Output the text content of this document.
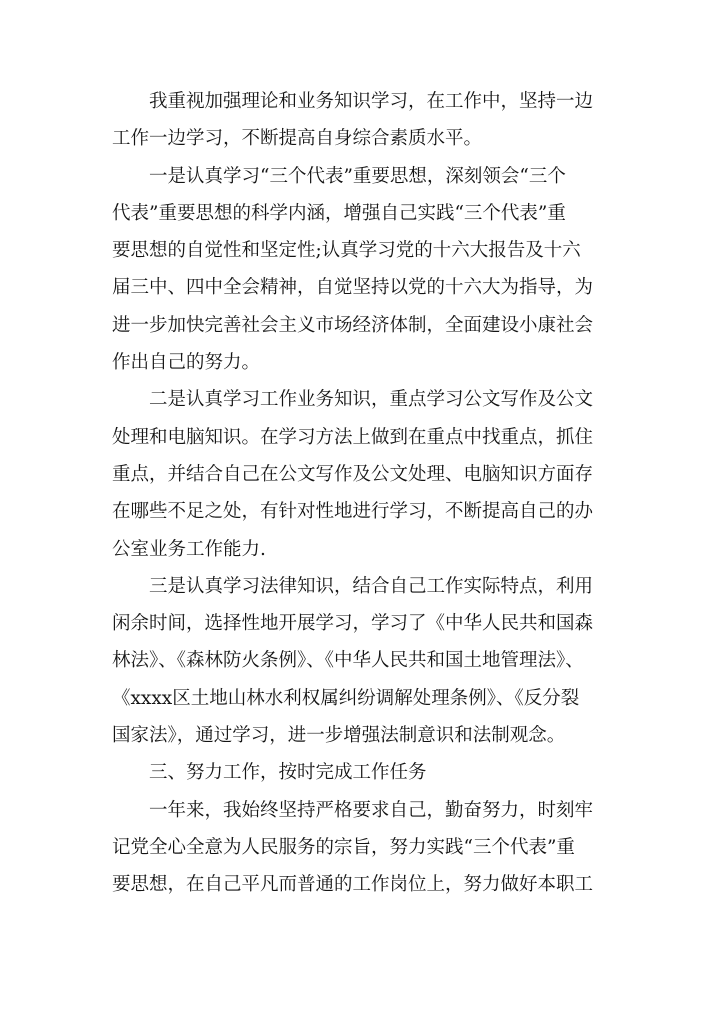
我重视加强理论和业务知识学习，在工作中，坚持一边
工作一边学习，不断提高自身综合素质水平。
一是认真学习“三个代表”重要思想，深刻领会“三个
代表”重要思想的科学内涵，增强自己实践“三个代表”重
要思想的自觉性和坚定性;认真学习党的十六大报告及十六
届三中、四中全会精神，自觉坚持以党的十六大为指导，为
进一步加快完善社会主义市场经济体制，全面建设小康社会
作出自己的努力。
二是认真学习工作业务知识，重点学习公文写作及公文
处理和电脑知识。在学习方法上做到在重点中找重点，抓住
重点，并结合自己在公文写作及公文处理、电脑知识方面存
在哪些不足之处，有针对性地进行学习，不断提高自己的办
公室业务工作能力.
三是认真学习法律知识，结合自己工作实际特点，利用
闲余时间，选择性地开展学习，学习了《中华人民共和国森
林法》、《森林防火条例》、《中华人民共和国土地管理法》、
《xxxx区土地山林水利权属纠纷调解处理条例》、《反分裂
国家法》，通过学习，进一步增强法制意识和法制观念。
三、努力工作，按时完成工作任务
一年来，我始终坚持严格要求自己，勤奋努力，时刻牢
记党全心全意为人民服务的宗旨，努力实践“三个代表”重
要思想，在自己平凡而普通的工作岗位上，努力做好本职工
